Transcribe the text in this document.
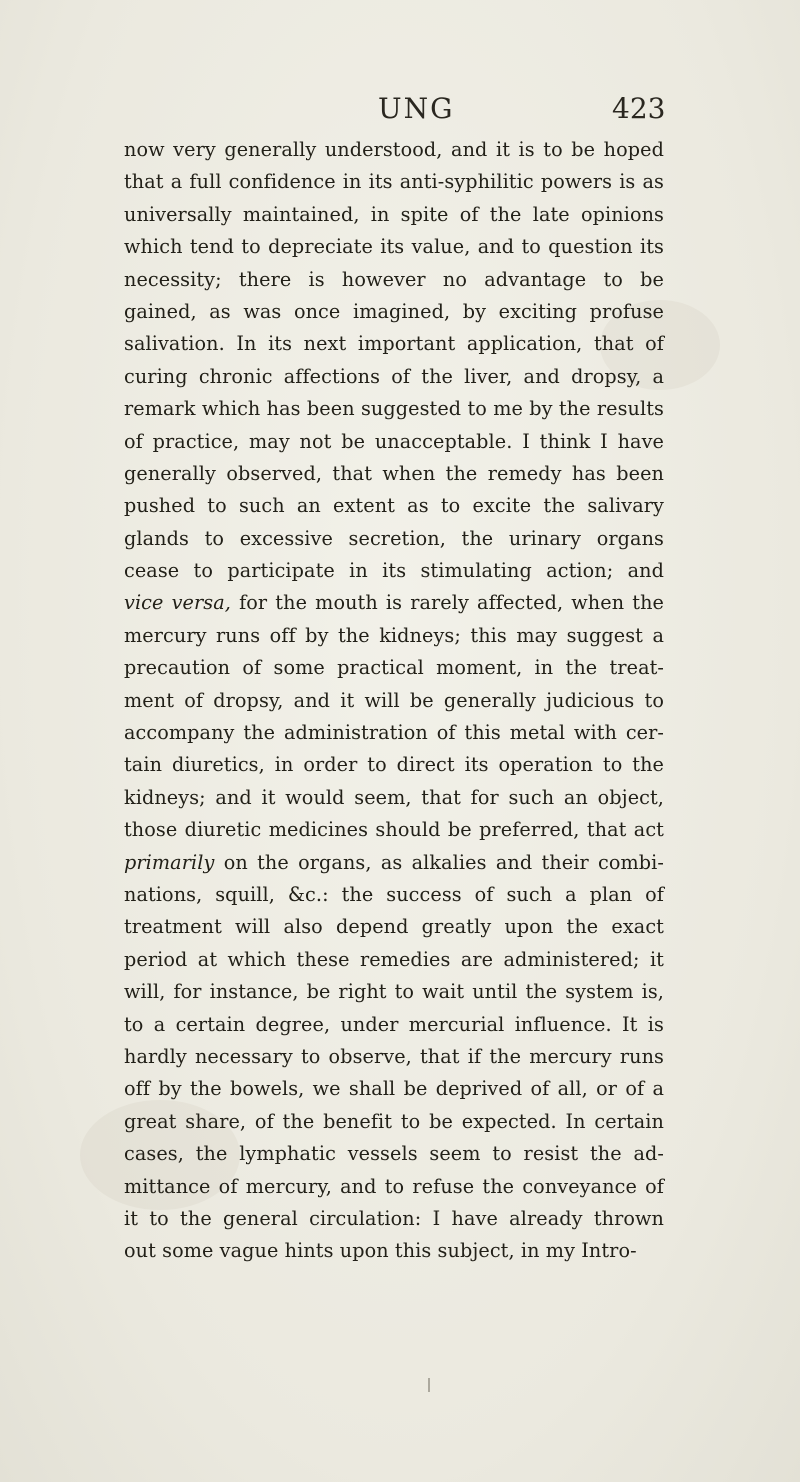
UNG	423
now very generally understood, and it is to be hoped
that a full confidence in its anti-syphilitic powers is as
universally maintained, in spite of the late opinions
which tend to depreciate its value, and to question its
necessity; there is however no advantage to be
gained, as was once imagined, by exciting profuse
salivation. In its next important application, that of
curing chronic affections of the liver, and dropsy, a
remark which has been suggested to me by the results
of practice, may not be unacceptable. I think I have
generally observed, that when the remedy has been
pushed to such an extent as to excite the salivary
glands to excessive secretion, the urinary organs
cease to participate in its stimulating action; and
vice versa, for the mouth is rarely affected, when the
mercury runs off by the kidneys; this may suggest a
precaution of some practical moment, in the treat-
ment of dropsy, and it will be generally judicious to
accompany the administration of this metal with cer-
tain diuretics, in order to direct its operation to the
kidneys; and it would seem, that for such an object,
those diuretic medicines should be preferred, that act
primarily on the organs, as alkalies and their combi-
nations, squill, &c.: the success of such a plan of
treatment will also depend greatly upon the exact
period at which these remedies are administered; it
will, for instance, be right to wait until the system is,
to a certain degree, under mercurial influence. It is
hardly necessary to observe, that if the mercury runs
off by the bowels, we shall be deprived of all, or of a
great share, of the benefit to be expected. In certain
cases, the lymphatic vessels seem to resist the ad-
mittance of mercury, and to refuse the conveyance of
it to the general circulation: I have already thrown
out some vague hints upon this subject, in my Intro-
